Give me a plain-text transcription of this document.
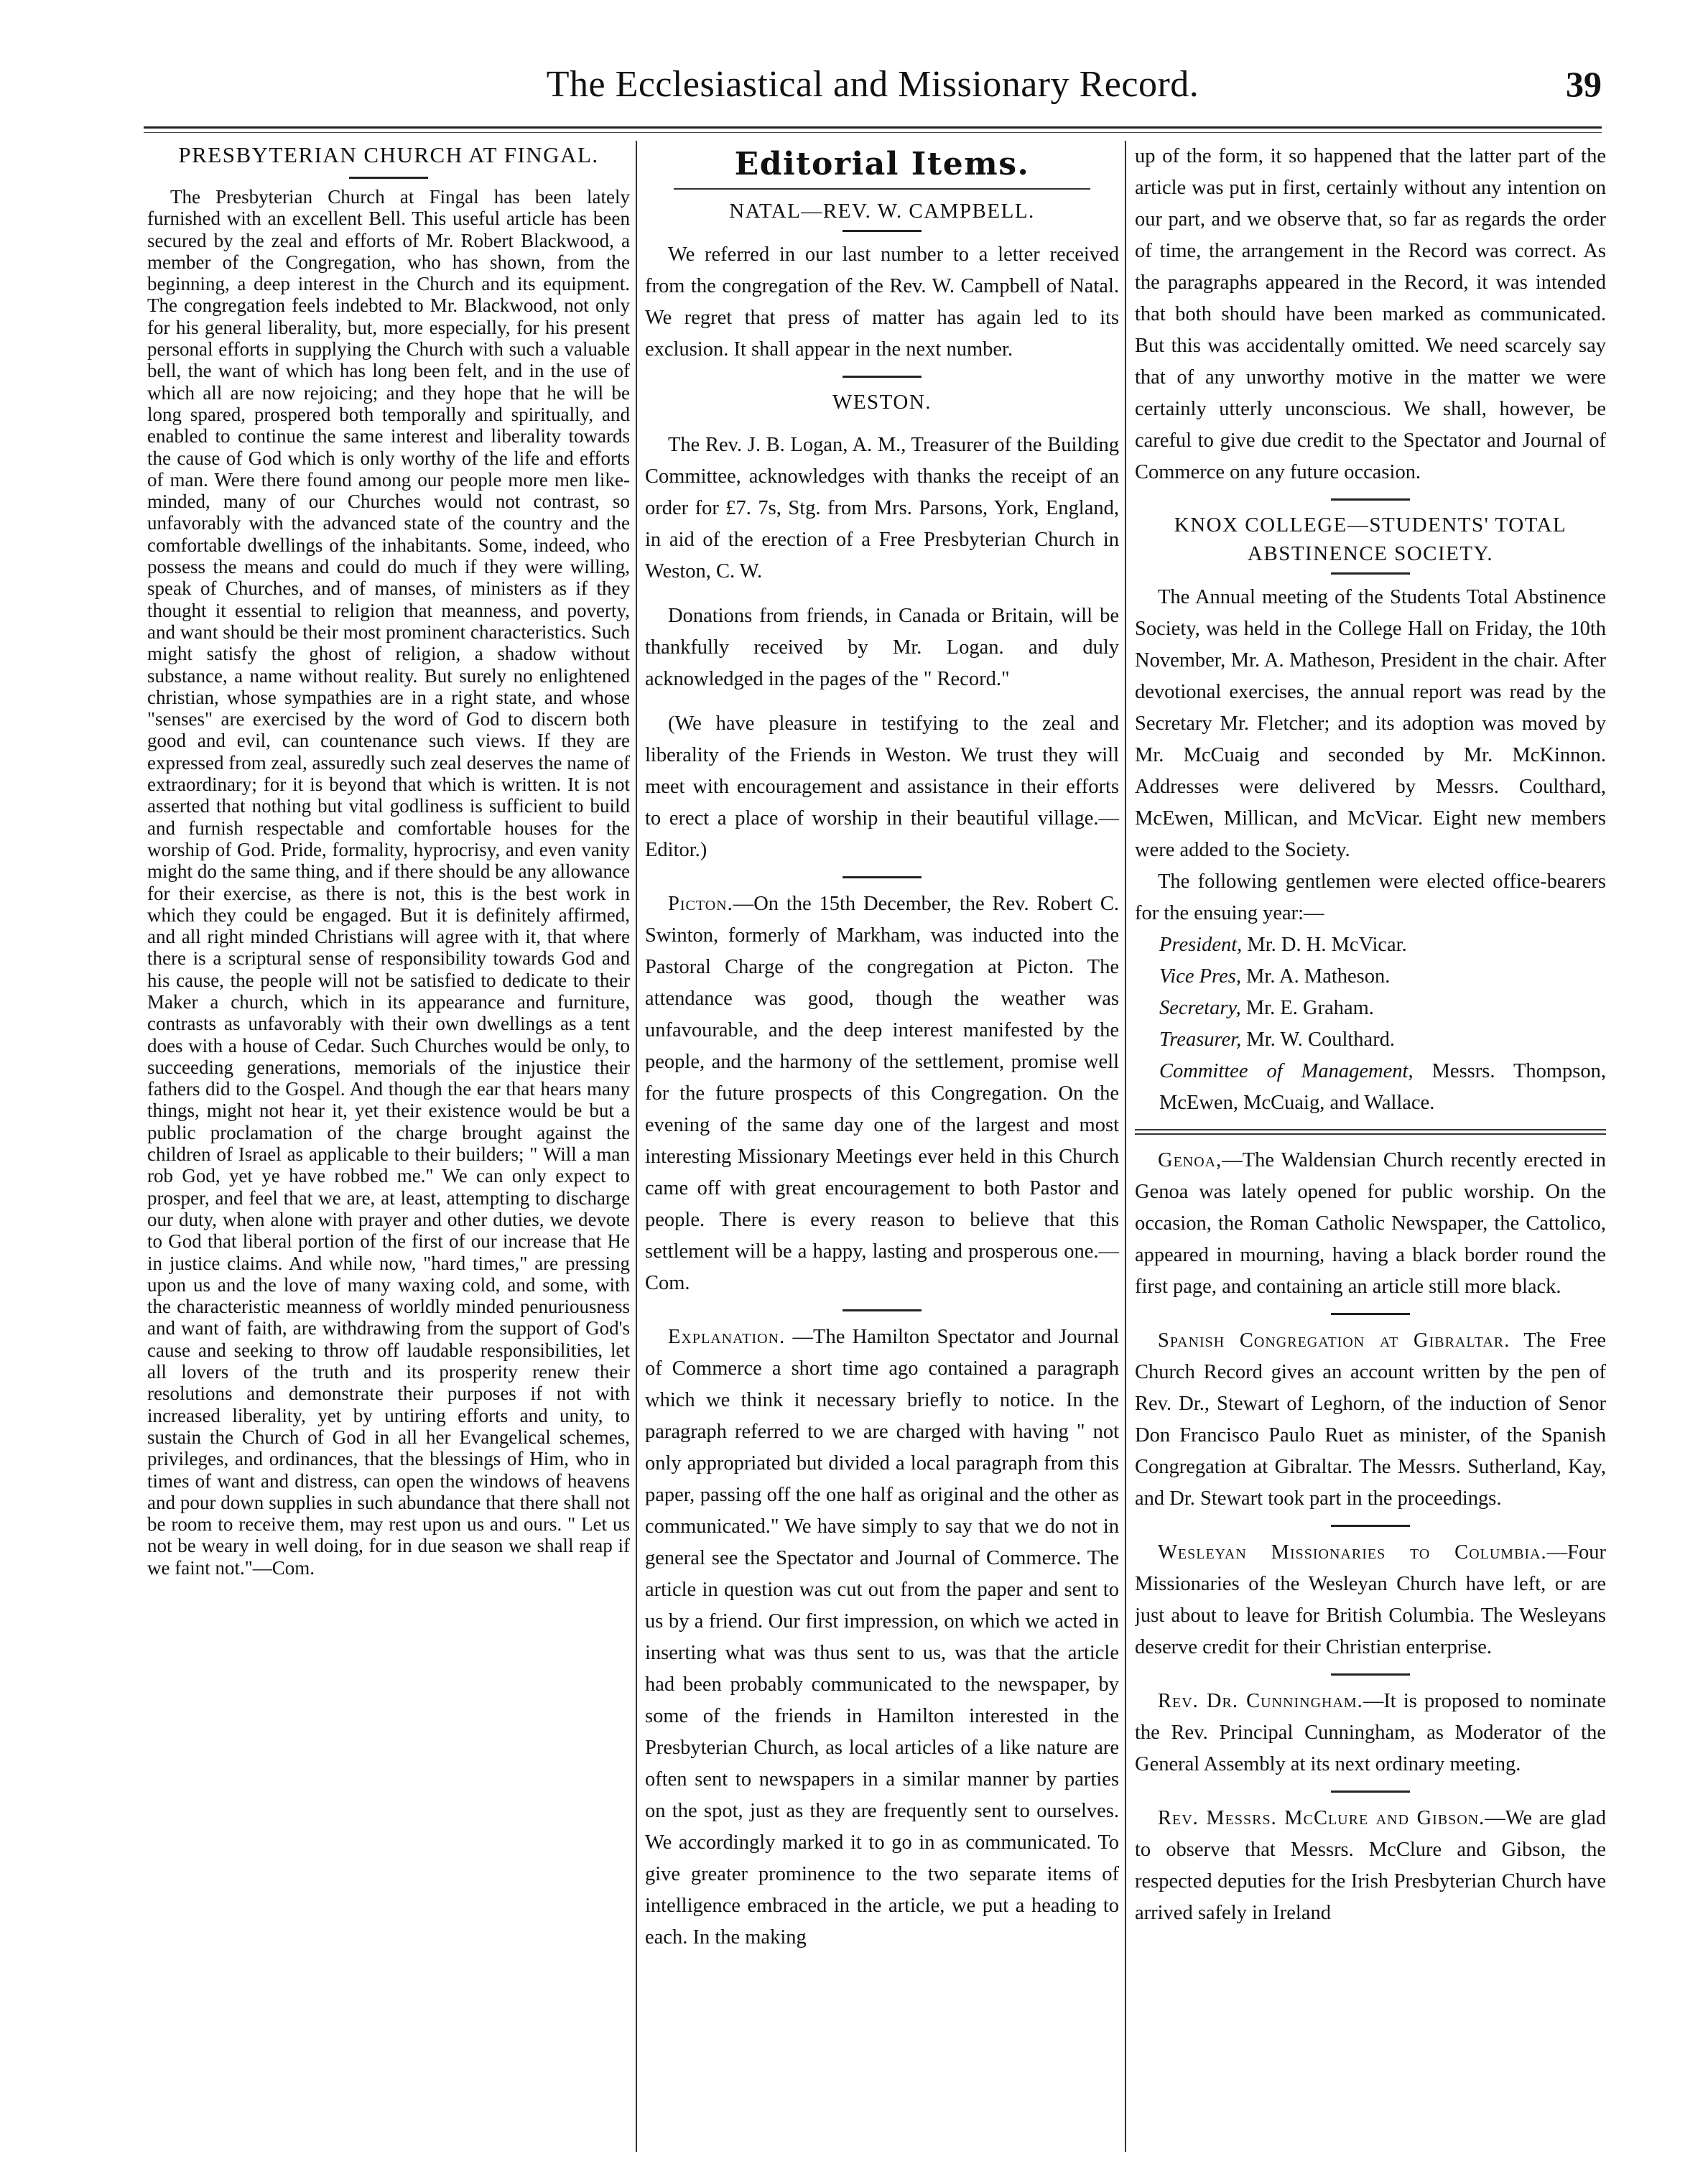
The Ecclesiastical and Missionary Record.	39
PRESBYTERIAN CHURCH AT FINGAL.

The Presbyterian Church at Fingal has been lately furnished with an excellent Bell. This useful article has been secured by the zeal and efforts of Mr. Robert Blackwood, a member of the Congregation, who has shown, from the beginning, a deep interest in the Church and its equipment. The congregation feels indebted to Mr. Blackwood, not only for his general liberality, but, more especially, for his present personal efforts in supplying the Church with such a valuable bell, the want of which has long been felt, and in the use of which all are now rejoicing; and they hope that he will be long spared, prospered both temporally and spiritually, and enabled to continue the same interest and liberality towards the cause of God which is only worthy of the life and efforts of man. Were there found among our people more men like-minded, many of our Churches would not contrast, so unfavorably with the advanced state of the country and the comfortable dwellings of the inhabitants. Some, indeed, who possess the means and could do much if they were willing, speak of Churches, and of manses, of ministers as if they thought it essential to religion that meanness, and poverty, and want should be their most prominent characteristics. Such might satisfy the ghost of religion, a shadow without substance, a name without reality. But surely no enlightened christian, whose sympathies are in a right state, and whose "senses" are exercised by the word of God to discern both good and evil, can countenance such views. If they are expressed from zeal, assuredly such zeal deserves the name of extraordinary; for it is beyond that which is written. It is not asserted that nothing but vital godliness is sufficient to build and furnish respectable and comfortable houses for the worship of God. Pride, formality, hyprocrisy, and even vanity might do the same thing, and if there should be any allowance for their exercise, as there is not, this is the best work in which they could be engaged. But it is definitely affirmed, and all right minded Christians will agree with it, that where there is a scriptural sense of responsibility towards God and his cause, the people will not be satisfied to dedicate to their Maker a church, which in its appearance and furniture, contrasts as unfavorably with their own dwellings as a tent does with a house of Cedar. Such Churches would be only, to succeeding generations, memorials of the injustice their fathers did to the Gospel. And though the ear that hears many things, might not hear it, yet their existence would be but a public proclamation of the charge brought against the children of Israel as applicable to their builders; " Will a man rob God, yet ye have robbed me." We can only expect to prosper, and feel that we are, at least, attempting to discharge our duty, when alone with prayer and other duties, we devote to God that liberal portion of the first of our increase that He in justice claims. And while now, "hard times," are pressing upon us and the love of many waxing cold, and some, with the characteristic meanness of worldly minded penuriousness and want of faith, are withdrawing from the support of God's cause and seeking to throw off laudable responsibilities, let all lovers of the truth and its prosperity renew their resolutions and demonstrate their purposes if not with increased liberality, yet by untiring efforts and unity, to sustain the Church of God in all her Evangelical schemes, privileges, and ordinances, that the blessings of Him, who in times of want and distress, can open the windows of heavens and pour down supplies in such abundance that there shall not be room to receive them, may rest upon us and ours. " Let us not be weary in well doing, for in due season we shall reap if we faint not."—Com.

Editorial Items.
NATAL—REV. W. CAMPBELL.

We referred in our last number to a letter received from the congregation of the Rev. W. Campbell of Natal. We regret that press of matter has again led to its exclusion. It shall appear in the next number.

WESTON.

The Rev. J. B. Logan, A. M., Treasurer of the Building Committee, acknowledges with thanks the receipt of an order for £7. 7s, Stg. from Mrs. Parsons, York, England, in aid of the erection of a Free Presbyterian Church in Weston, C. W.

Donations from friends, in Canada or Britain, will be thankfully received by Mr. Logan. and duly acknowledged in the pages of the " Record."

(We have pleasure in testifying to the zeal and liberality of the Friends in Weston. We trust they will meet with encouragement and assistance in their efforts to erect a place of worship in their beautiful village.—Editor.)

Picton.—On the 15th December, the Rev. Robert C. Swinton, formerly of Markham, was inducted into the Pastoral Charge of the congregation at Picton. The attendance was good, though the weather was unfavourable, and the deep interest manifested by the people, and the harmony of the settlement, promise well for the future prospects of this Congregation. On the evening of the same day one of the largest and most interesting Missionary Meetings ever held in this Church came off with great encouragement to both Pastor and people. There is every reason to believe that this settlement will be a happy, lasting and prosperous one.—Com.

Explanation. —The Hamilton Spectator and Journal of Commerce a short time ago contained a paragraph which we think it necessary briefly to notice. In the paragraph referred to we are charged with having " not only appropriated but divided a local paragraph from this paper, passing off the one half as original and the other as communicated." We have simply to say that we do not in general see the Spectator and Journal of Commerce. The article in question was cut out from the paper and sent to us by a friend. Our first impression, on which we acted in inserting what was thus sent to us, was that the article had been probably communicated to the newspaper, by some of the friends in Hamilton interested in the Presbyterian Church, as local articles of a like nature are often sent to newspapers in a similar manner by parties on the spot, just as they are frequently sent to ourselves. We accordingly marked it to go in as communicated. To give greater prominence to the two separate items of intelligence embraced in the article, we put a heading to each. In the making

up of the form, it so happened that the latter part of the article was put in first, certainly without any intention on our part, and we observe that, so far as regards the order of time, the arrangement in the Record was correct. As the paragraphs appeared in the Record, it was intended that both should have been marked as communicated. But this was accidentally omitted. We need scarcely say that of any unworthy motive in the matter we were certainly utterly unconscious. We shall, however, be careful to give due credit to the Spectator and Journal of Commerce on any future occasion.

KNOX COLLEGE—STUDENTS' TOTAL ABSTINENCE SOCIETY.

The Annual meeting of the Students Total Abstinence Society, was held in the College Hall on Friday, the 10th November, Mr. A. Matheson, President in the chair. After devotional exercises, the annual report was read by the Secretary Mr. Fletcher; and its adoption was moved by Mr. McCuaig and seconded by Mr. McKinnon. Addresses were delivered by Messrs. Coulthard, McEwen, Millican, and McVicar. Eight new members were added to the Society.

The following gentlemen were elected office-bearers for the ensuing year:—

President, Mr. D. H. McVicar.
Vice Pres, Mr. A. Matheson.
Secretary, Mr. E. Graham.
Treasurer, Mr. W. Coulthard.
Committee of Management, Messrs. Thompson, McEwen, McCuaig, and Wallace.

Genoa,—The Waldensian Church recently erected in Genoa was lately opened for public worship. On the occasion, the Roman Catholic Newspaper, the Cattolico, appeared in mourning, having a black border round the first page, and containing an article still more black.

Spanish Congregation at Gibraltar. The Free Church Record gives an account written by the pen of Rev. Dr., Stewart of Leghorn, of the induction of Senor Don Francisco Paulo Ruet as minister, of the Spanish Congregation at Gibraltar. The Messrs. Sutherland, Kay, and Dr. Stewart took part in the proceedings.

Wesleyan Missionaries to Columbia.—Four Missionaries of the Wesleyan Church have left, or are just about to leave for British Columbia. The Wesleyans deserve credit for their Christian enterprise.

Rev. Dr. Cunningham.—It is proposed to nominate the Rev. Principal Cunningham, as Moderator of the General Assembly at its next ordinary meeting.

Rev. Messrs. McClure and Gibson.—We are glad to observe that Messrs. McClure and Gibson, the respected deputies for the Irish Presbyterian Church have arrived safely in Ireland
